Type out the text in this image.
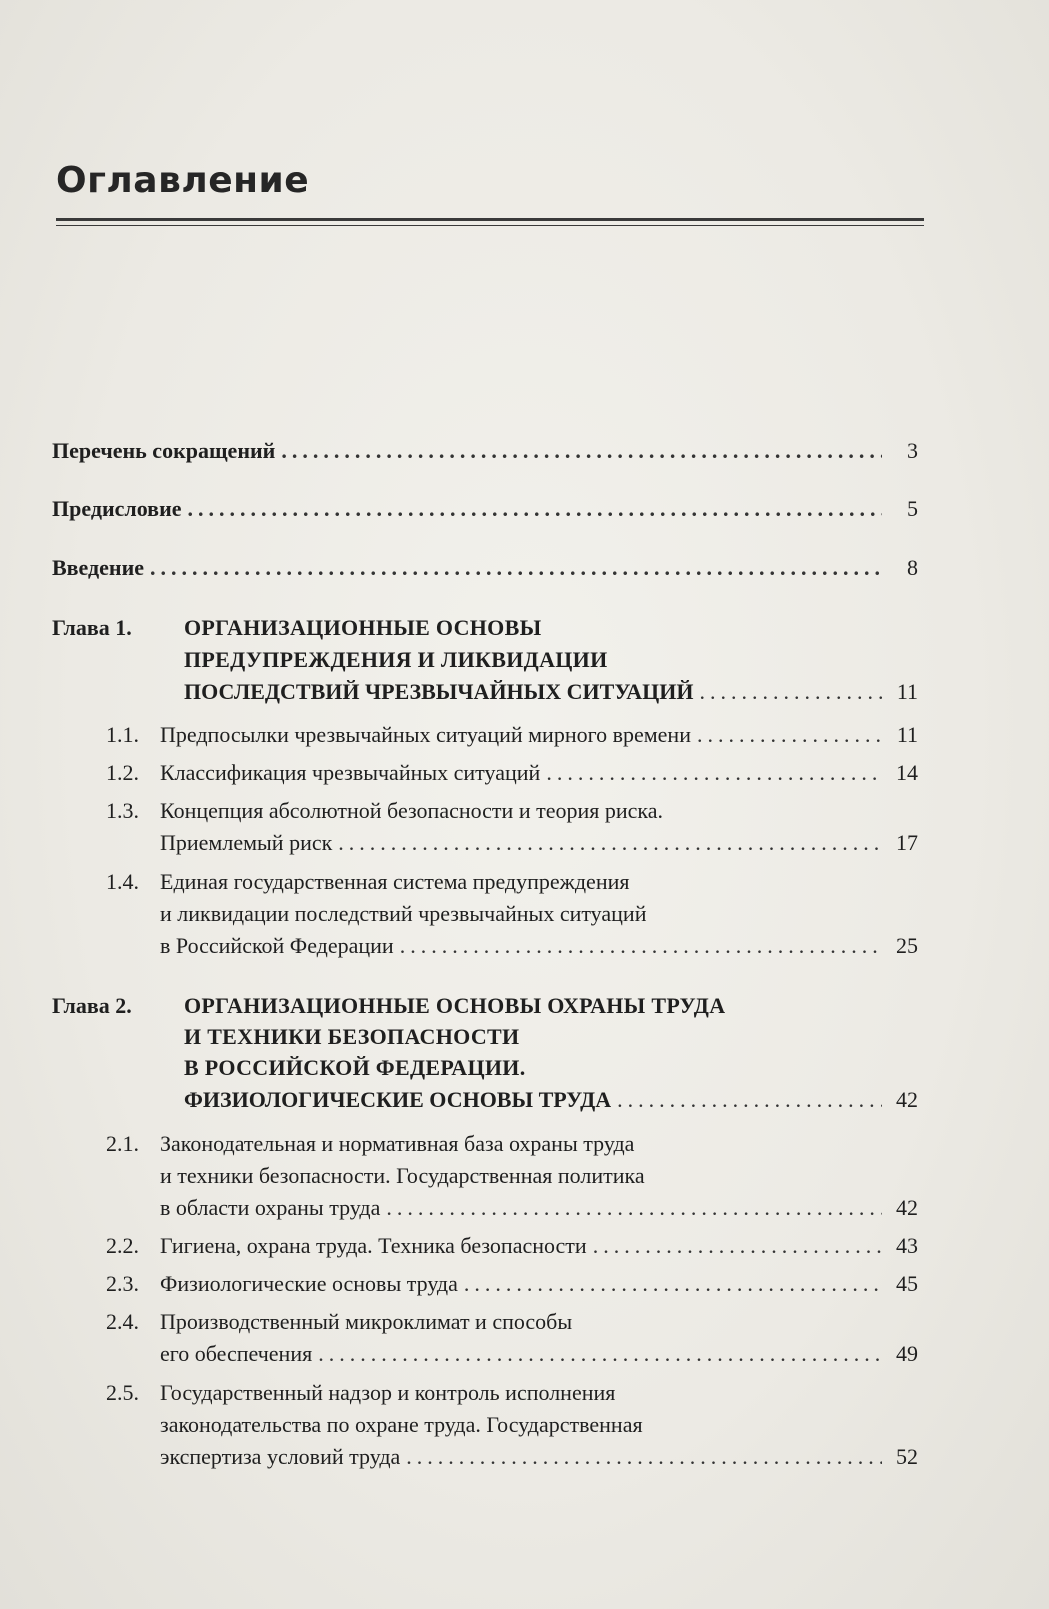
Оглавление
Перечень сокращений .....	3
Предисловие .....	5
Введение .....	8
Глава 1. ОРГАНИЗАЦИОННЫЕ ОСНОВЫ
ПРЕДУПРЕЖДЕНИЯ И ЛИКВИДАЦИИ
ПОСЛЕДСТВИЙ ЧРЕЗВЫЧАЙНЫХ СИТУАЦИЙ .....	11
1.1. Предпосылки чрезвычайных ситуаций мирного времени .....	11
1.2. Классификация чрезвычайных ситуаций .....	14
1.3. Концепция абсолютной безопасности и теория риска.
Приемлемый риск .....	17
1.4. Единая государственная система предупреждения
и ликвидации последствий чрезвычайных ситуаций
в Российской Федерации .....	25
Глава 2. ОРГАНИЗАЦИОННЫЕ ОСНОВЫ ОХРАНЫ ТРУДА
И ТЕХНИКИ БЕЗОПАСНОСТИ
В РОССИЙСКОЙ ФЕДЕРАЦИИ.
ФИЗИОЛОГИЧЕСКИЕ ОСНОВЫ ТРУДА .....	42
2.1. Законодательная и нормативная база охраны труда
и техники безопасности. Государственная политика
в области охраны труда .....	42
2.2. Гигиена, охрана труда. Техника безопасности .....	43
2.3. Физиологические основы труда .....	45
2.4. Производственный микроклимат и способы
его обеспечения .....	49
2.5. Государственный надзор и контроль исполнения
законодательства по охране труда. Государственная
экспертиза условий труда .....	52
